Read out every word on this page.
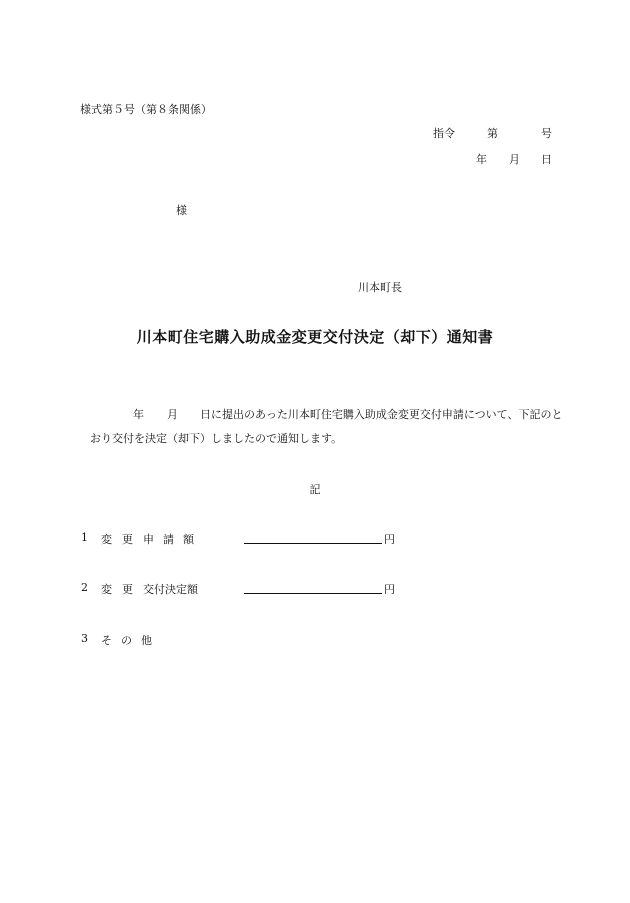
様式第５号（第８条関係）
指令	第	号
年 月 日
様
川本町長
川本町住宅購入助成金変更交付決定（却下）通知書
年 月 日に提出のあった川本町住宅購入助成金変更交付申請について、下記のと
おり交付を決定（却下）しましたので通知します。
記
1 変 更 申請額	円
2 変 更 交付決定額	円
3 その他
